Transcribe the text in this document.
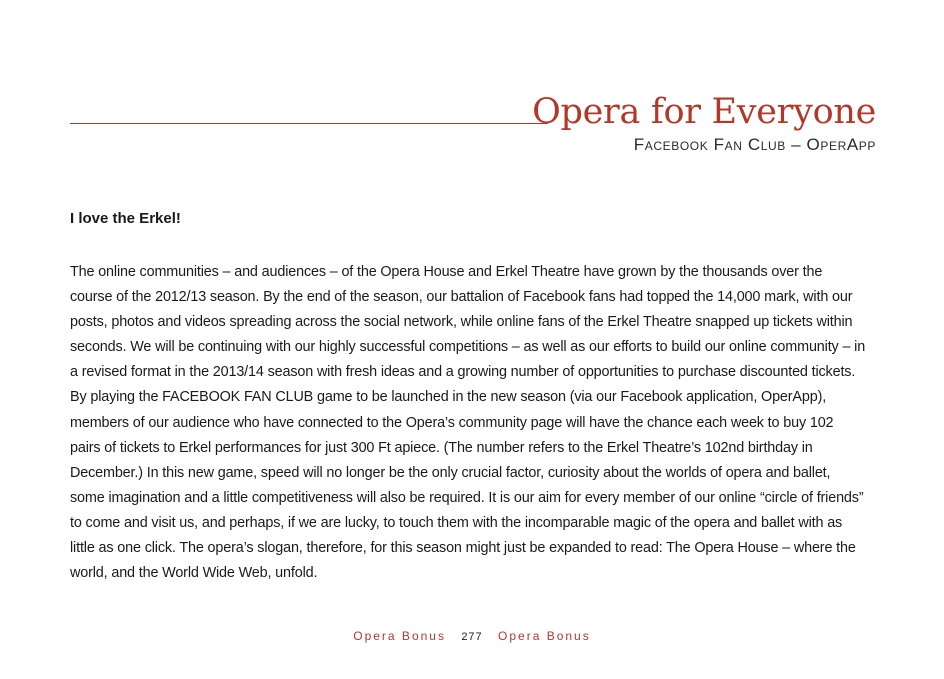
Opera for Everyone
Facebook Fan Club – OperApp
I love the Erkel!
The online communities – and audiences – of the Opera House and Erkel Theatre have grown by the thousands over the course of the 2012/13 season. By the end of the season, our battalion of Facebook fans had topped the 14,000 mark, with our posts, photos and videos spreading across the social network, while online fans of the Erkel Theatre snapped up tickets within seconds. We will be continuing with our highly successful competitions – as well as our efforts to build our online community – in a revised format in the 2013/14 season with fresh ideas and a growing number of opportunities to purchase discounted tickets. By playing the FACEBOOK FAN CLUB game to be launched in the new season (via our Facebook application, OperApp), members of our audience who have connected to the Opera’s community page will have the chance each week to buy 102 pairs of tickets to Erkel performances for just 300 Ft apiece. (The number refers to the Erkel Theatre’s 102nd birthday in December.) In this new game, speed will no longer be the only crucial factor, curiosity about the worlds of opera and ballet, some imagination and a little competitiveness will also be required. It is our aim for every member of our online “circle of friends” to come and visit us, and perhaps, if we are lucky, to touch them with the incomparable magic of the opera and ballet with as little as one click. The opera’s slogan, therefore, for this season might just be expanded to read: The Opera House – where the world, and the World Wide Web, unfold.
Opera Bonus 277 Opera Bonus
